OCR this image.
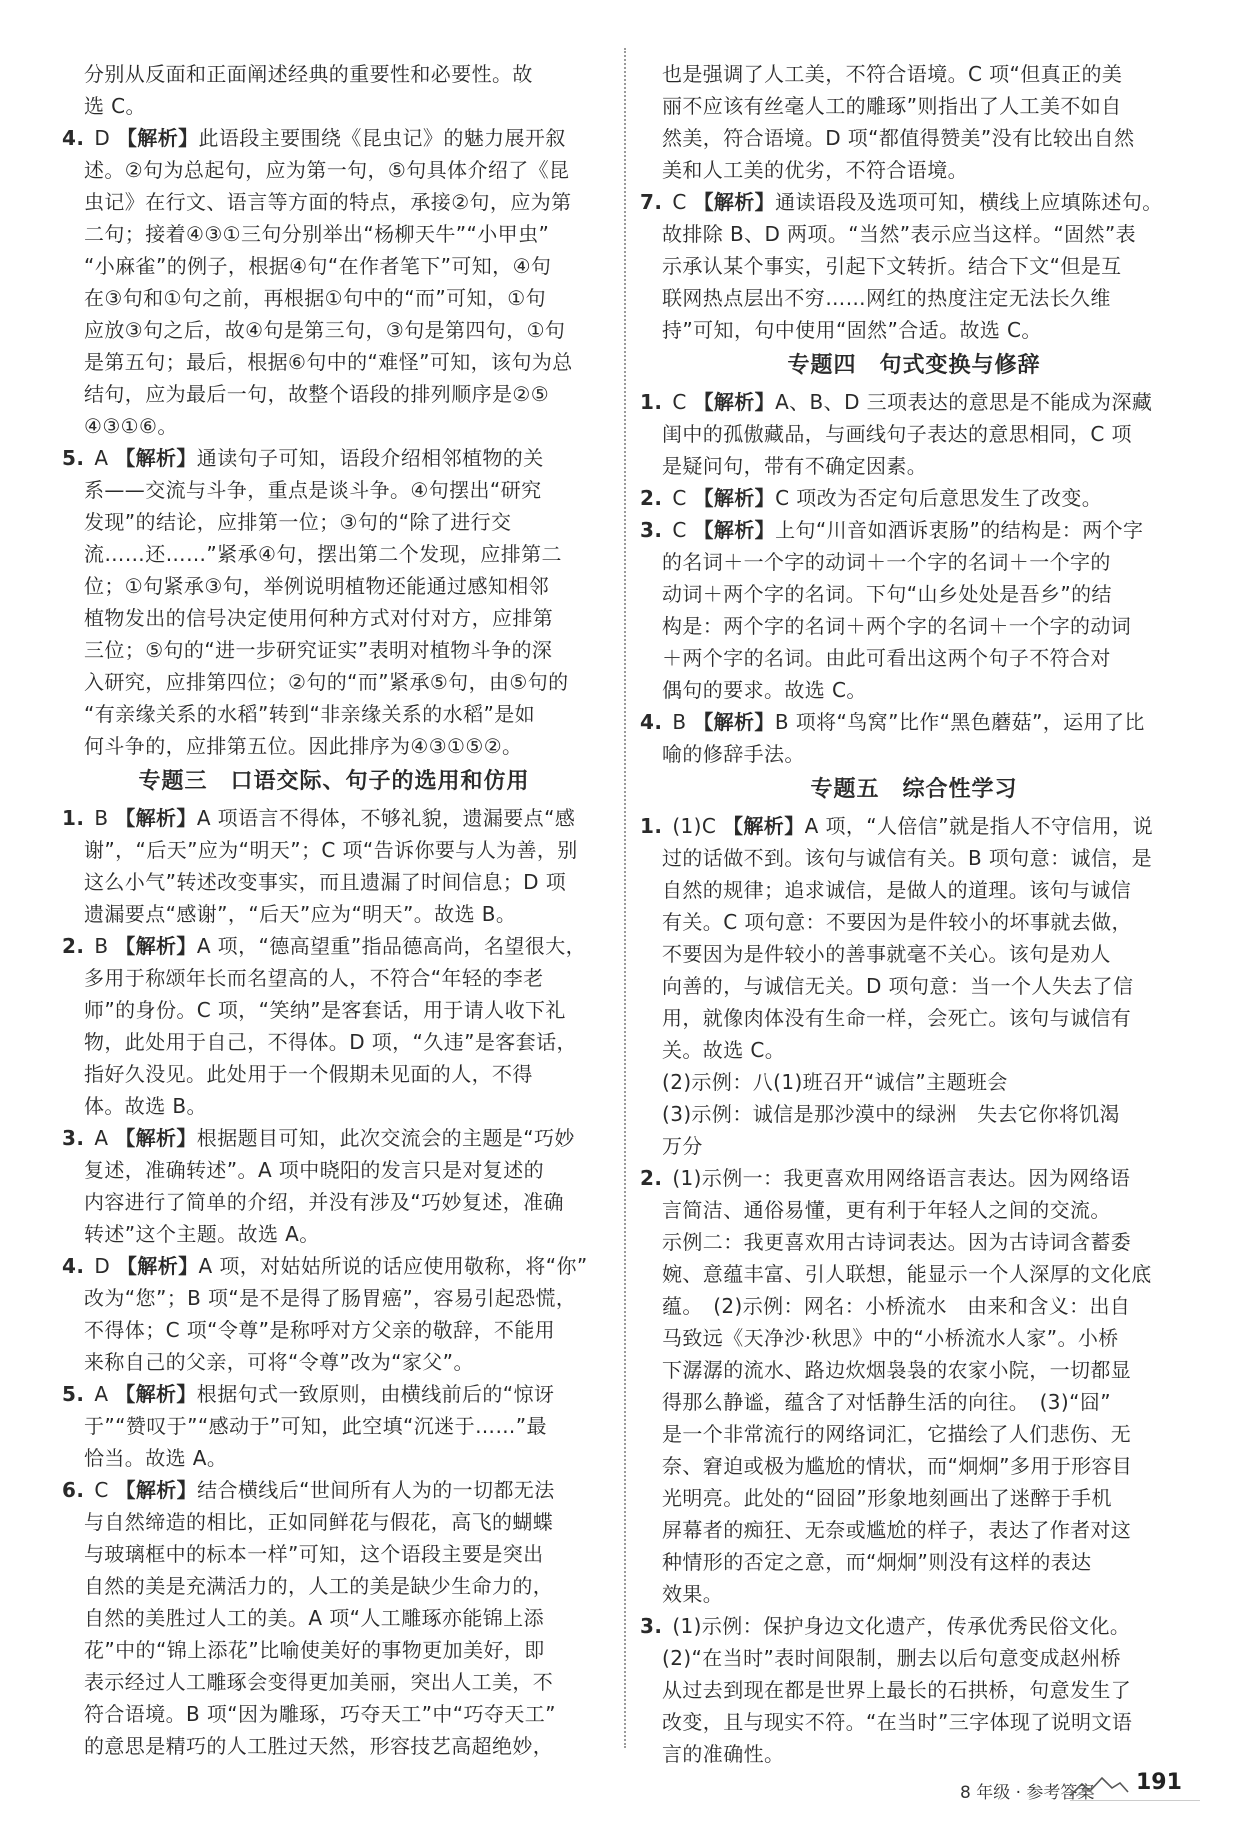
分别从反面和正面阐述经典的重要性和必要性。故
选 C。
4. D 【解析】此语段主要围绕《昆虫记》的魅力展开叙
述。②句为总起句，应为第一句，⑤句具体介绍了《昆
虫记》在行文、语言等方面的特点，承接②句，应为第
二句；接着④③①三句分别举出“杨柳天牛”“小甲虫”
“小麻雀”的例子，根据④句“在作者笔下”可知，④句
在③句和①句之前，再根据①句中的“而”可知，①句
应放③句之后，故④句是第三句，③句是第四句，①句
是第五句；最后，根据⑥句中的“难怪”可知，该句为总
结句，应为最后一句，故整个语段的排列顺序是②⑤
④③①⑥。
5. A 【解析】通读句子可知，语段介绍相邻植物的关
系——交流与斗争，重点是谈斗争。④句摆出“研究
发现”的结论，应排第一位；③句的“除了进行交
流……还……”紧承④句，摆出第二个发现，应排第二
位；①句紧承③句，举例说明植物还能通过感知相邻
植物发出的信号决定使用何种方式对付对方，应排第
三位；⑤句的“进一步研究证实”表明对植物斗争的深
入研究，应排第四位；②句的“而”紧承⑤句，由⑤句的
“有亲缘关系的水稻”转到“非亲缘关系的水稻”是如
何斗争的，应排第五位。因此排序为④③①⑤②。
专题三　口语交际、句子的选用和仿用
1. B 【解析】A 项语言不得体，不够礼貌，遗漏要点“感
谢”，“后天”应为“明天”；C 项“告诉你要与人为善，别
这么小气”转述改变事实，而且遗漏了时间信息；D 项
遗漏要点“感谢”，“后天”应为“明天”。故选 B。
2. B 【解析】A 项，“德高望重”指品德高尚，名望很大，
多用于称颂年长而名望高的人，不符合“年轻的李老
师”的身份。C 项，“笑纳”是客套话，用于请人收下礼
物，此处用于自己，不得体。D 项，“久违”是客套话，
指好久没见。此处用于一个假期未见面的人，不得
体。故选 B。
3. A 【解析】根据题目可知，此次交流会的主题是“巧妙
复述，准确转述”。A 项中晓阳的发言只是对复述的
内容进行了简单的介绍，并没有涉及“巧妙复述，准确
转述”这个主题。故选 A。
4. D 【解析】A 项，对姑姑所说的话应使用敬称，将“你”
改为“您”；B 项“是不是得了肠胃癌”，容易引起恐慌，
不得体；C 项“令尊”是称呼对方父亲的敬辞，不能用
来称自己的父亲，可将“令尊”改为“家父”。
5. A 【解析】根据句式一致原则，由横线前后的“惊讶
于”“赞叹于”“感动于”可知，此空填“沉迷于……”最
恰当。故选 A。
6. C 【解析】结合横线后“世间所有人为的一切都无法
与自然缔造的相比，正如同鲜花与假花，高飞的蝴蝶
与玻璃框中的标本一样”可知，这个语段主要是突出
自然的美是充满活力的，人工的美是缺少生命力的，
自然的美胜过人工的美。A 项“人工雕琢亦能锦上添
花”中的“锦上添花”比喻使美好的事物更加美好，即
表示经过人工雕琢会变得更加美丽，突出人工美，不
符合语境。B 项“因为雕琢，巧夺天工”中“巧夺天工”
的意思是精巧的人工胜过天然，形容技艺高超绝妙，
也是强调了人工美，不符合语境。C 项“但真正的美
丽不应该有丝毫人工的雕琢”则指出了人工美不如自
然美，符合语境。D 项“都值得赞美”没有比较出自然
美和人工美的优劣，不符合语境。
7. C 【解析】通读语段及选项可知，横线上应填陈述句。
故排除 B、D 两项。“当然”表示应当这样。“固然”表
示承认某个事实，引起下文转折。结合下文“但是互
联网热点层出不穷……网红的热度注定无法长久维
持”可知，句中使用“固然”合适。故选 C。
专题四　句式变换与修辞
1. C 【解析】A、B、D 三项表达的意思是不能成为深藏
闺中的孤傲藏品，与画线句子表达的意思相同，C 项
是疑问句，带有不确定因素。
2. C 【解析】C 项改为否定句后意思发生了改变。
3. C 【解析】上句“川音如酒诉衷肠”的结构是：两个字
的名词＋一个字的动词＋一个字的名词＋一个字的
动词＋两个字的名词。下句“山乡处处是吾乡”的结
构是：两个字的名词＋两个字的名词＋一个字的动词
＋两个字的名词。由此可看出这两个句子不符合对
偶句的要求。故选 C。
4. B 【解析】B 项将“鸟窝”比作“黑色蘑菇”，运用了比
喻的修辞手法。
专题五　综合性学习
1. (1)C 【解析】A 项，“人倍信”就是指人不守信用，说
过的话做不到。该句与诚信有关。B 项句意：诚信，是
自然的规律；追求诚信，是做人的道理。该句与诚信
有关。C 项句意：不要因为是件较小的坏事就去做，
不要因为是件较小的善事就毫不关心。该句是劝人
向善的，与诚信无关。D 项句意：当一个人失去了信
用，就像肉体没有生命一样，会死亡。该句与诚信有
关。故选 C。
(2)示例：八(1)班召开“诚信”主题班会
(3)示例：诚信是那沙漠中的绿洲　失去它你将饥渴
万分
2. (1)示例一：我更喜欢用网络语言表达。因为网络语
言简洁、通俗易懂，更有利于年轻人之间的交流。
示例二：我更喜欢用古诗词表达。因为古诗词含蓄委
婉、意蕴丰富、引人联想，能显示一个人深厚的文化底
蕴。　(2)示例：网名：小桥流水　由来和含义：出自
马致远《天净沙·秋思》中的“小桥流水人家”。小桥
下潺潺的流水、路边炊烟袅袅的农家小院，一切都显
得那么静谧，蕴含了对恬静生活的向往。　(3)“囧”
是一个非常流行的网络词汇，它描绘了人们悲伤、无
奈、窘迫或极为尴尬的情状，而“炯炯”多用于形容目
光明亮。此处的“囧囧”形象地刻画出了迷醉于手机
屏幕者的痴狂、无奈或尴尬的样子，表达了作者对这
种情形的否定之意，而“炯炯”则没有这样的表达
效果。
3. (1)示例：保护身边文化遗产，传承优秀民俗文化。
(2)“在当时”表时间限制，删去以后句意变成赵州桥
从过去到现在都是世界上最长的石拱桥，句意发生了
改变，且与现实不符。“在当时”三字体现了说明文语
言的准确性。
8 年级 · 参考答案 191
